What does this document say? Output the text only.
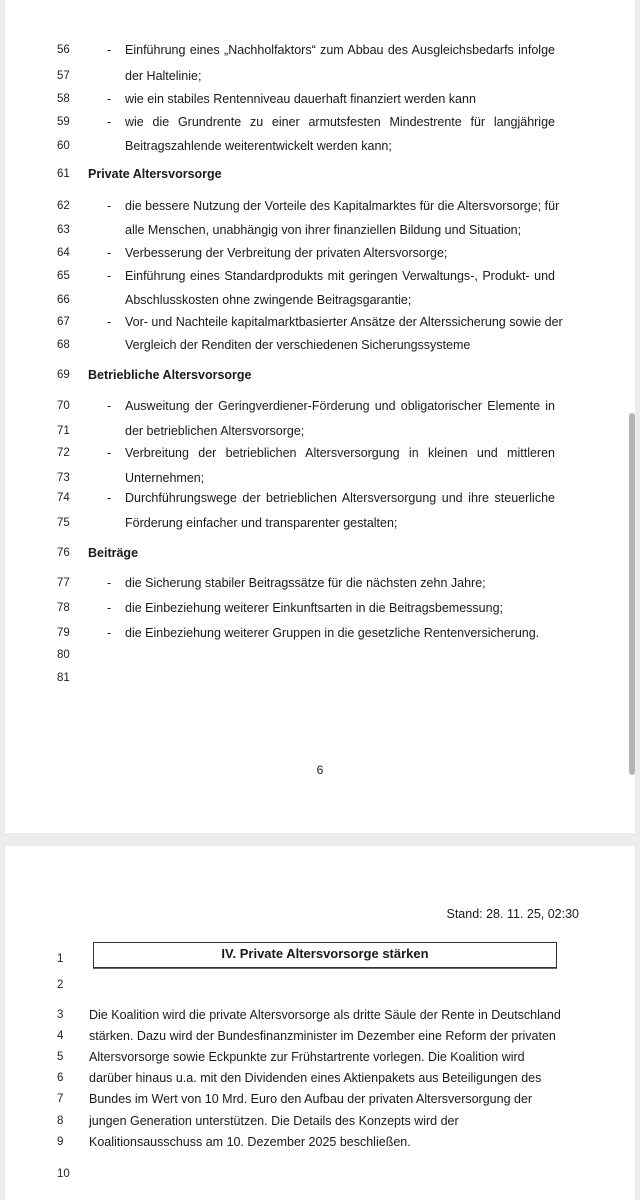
56	- Einführung eines „Nachholfaktors“ zum Abbau des Ausgleichsbedarfs infolge
57	der Haltelinie;
58	- wie ein stabiles Rentenniveau dauerhaft finanziert werden kann
59	- wie die Grundrente zu einer armutsfesten Mindestrente für langjährige
60	Beitragszahlende weiterentwickelt werden kann;
61	Private Altersvorsorge
62	- die bessere Nutzung der Vorteile des Kapitalmarktes für die Altersvorsorge; für
63	alle Menschen, unabhängig von ihrer finanziellen Bildung und Situation;
64	- Verbesserung der Verbreitung der privaten Altersvorsorge;
65	- Einführung eines Standardprodukts mit geringen Verwaltungs-, Produkt- und
66	Abschlusskosten ohne zwingende Beitragsgarantie;
67	- Vor- und Nachteile kapitalmarktbasierter Ansätze der Alterssicherung sowie der
68	Vergleich der Renditen der verschiedenen Sicherungssysteme
69	Betriebliche Altersvorsorge
70	- Ausweitung der Geringverdiener-Förderung und obligatorischer Elemente in
71	der betrieblichen Altersvorsorge;
72	- Verbreitung der betrieblichen Altersversorgung in kleinen und mittleren
73	Unternehmen;
74	- Durchführungswege der betrieblichen Altersversorgung und ihre steuerliche
75	Förderung einfacher und transparenter gestalten;
76	Beiträge
77	- die Sicherung stabiler Beitragssätze für die nächsten zehn Jahre;
78	- die Einbeziehung weiterer Einkunftsarten in die Beitragsbemessung;
79	- die Einbeziehung weiterer Gruppen in die gesetzliche Rentenversicherung.
80
81
6
Stand: 28. 11. 25, 02:30
IV. Private Altersvorsorge stärken
1
2
3	Die Koalition wird die private Altersvorsorge als dritte Säule der Rente in Deutschland
4	stärken. Dazu wird der Bundesfinanzminister im Dezember eine Reform der privaten
5	Altersvorsorge sowie Eckpunkte zur Frühstartrente vorlegen. Die Koalition wird
6	darüber hinaus u.a. mit den Dividenden eines Aktienpakets aus Beteiligungen des
7	Bundes im Wert von 10 Mrd. Euro den Aufbau der privaten Altersversorgung der
8	jungen Generation unterstützen. Die Details des Konzepts wird der
9	Koalitionsausschuss am 10. Dezember 2025 beschließen.
10
